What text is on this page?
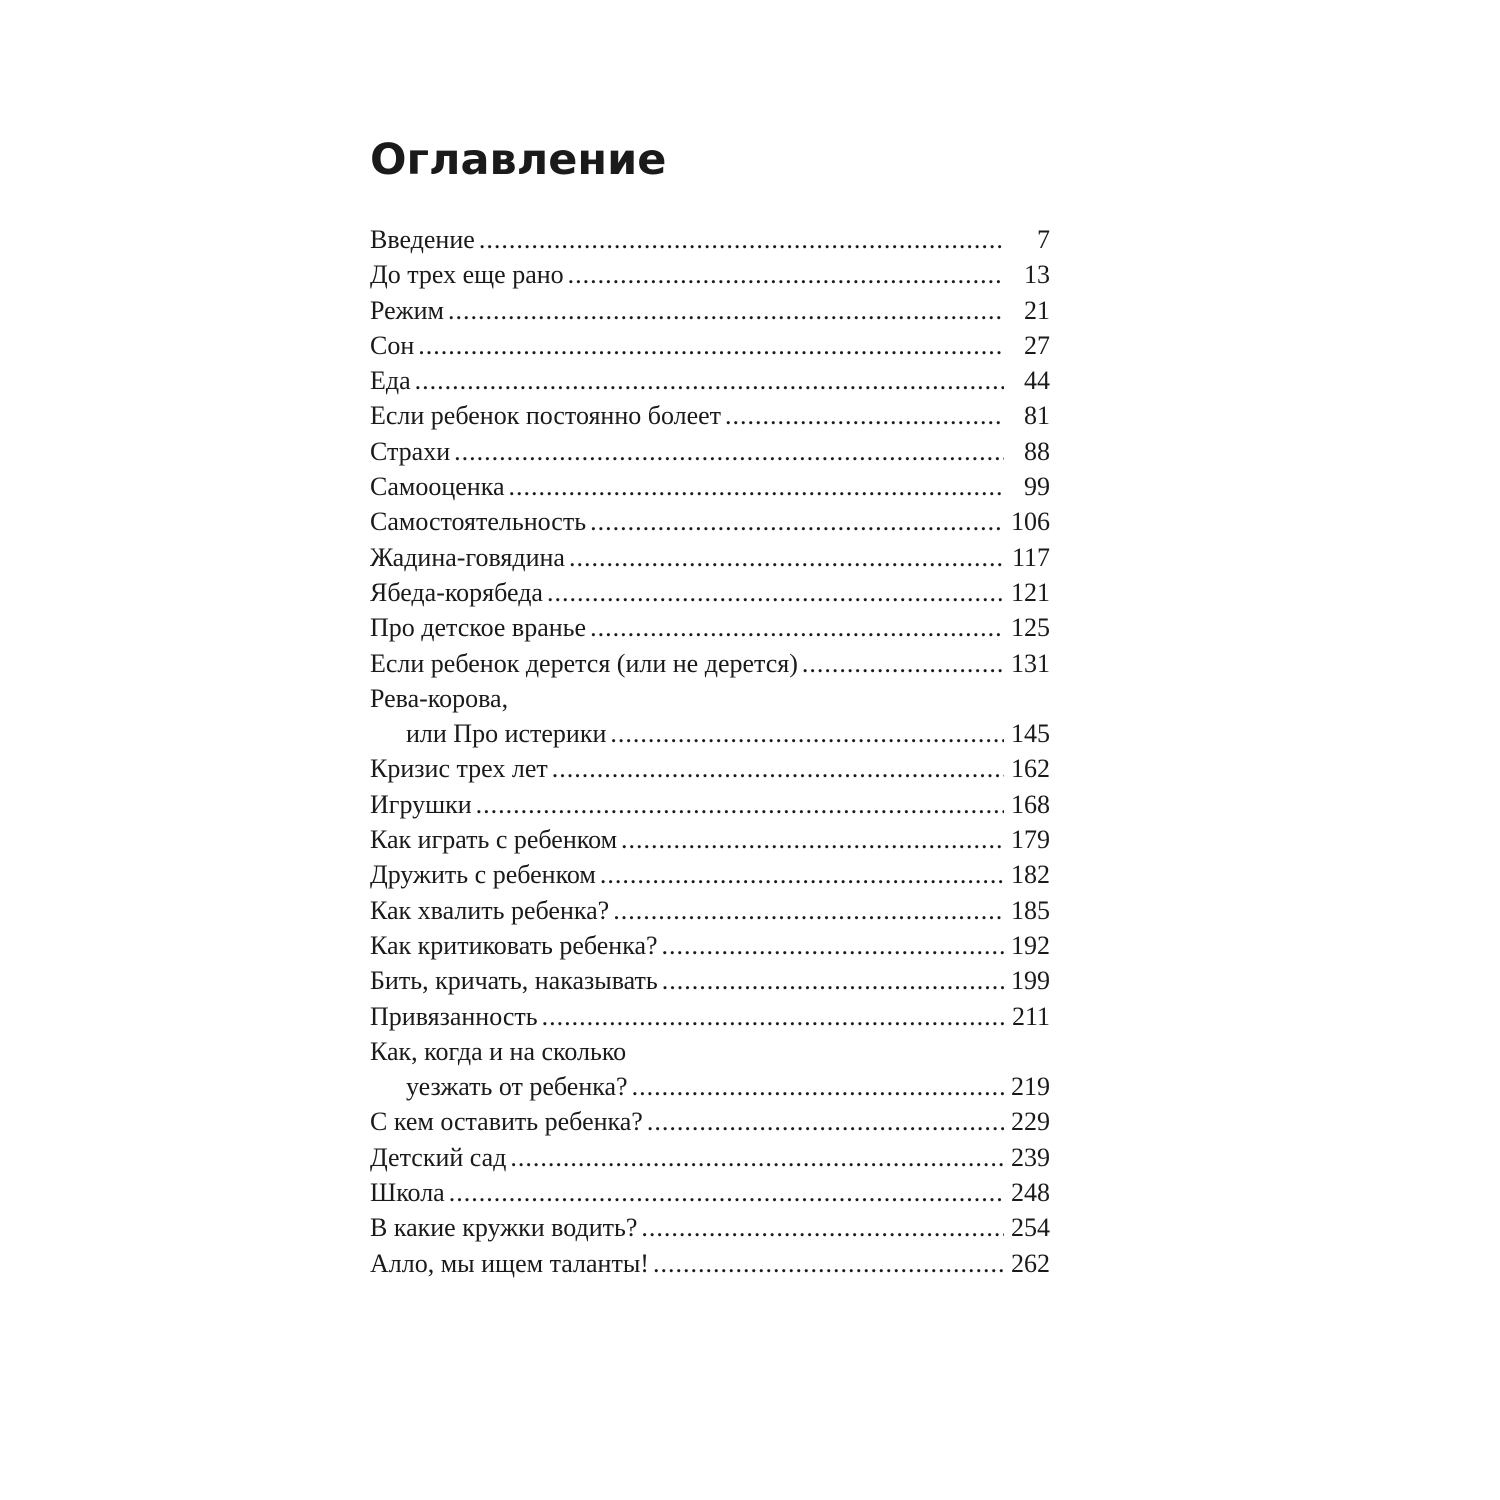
Оглавление
Введение .....	7
До трех еще рано .....	13
Режим .....	21
Сон .....	27
Еда .....	44
Если ребенок постоянно болеет .....	81
Страхи .....	88
Самооценка .....	99
Самостоятельность .....	106
Жадина-говядина .....	117
Ябеда-корябеда .....	121
Про детское вранье .....	125
Если ребенок дерется (или не дерется) .....	131
Рева-корова,
или Про истерики .....	145
Кризис трех лет .....	162
Игрушки .....	168
Как играть с ребенком .....	179
Дружить с ребенком .....	182
Как хвалить ребенка? .....	185
Как критиковать ребенка? .....	192
Бить, кричать, наказывать .....	199
Привязанность .....	211
Как, когда и на сколько
уезжать от ребенка? .....	219
С кем оставить ребенка? .....	229
Детский сад .....	239
Школа .....	248
В какие кружки водить? .....	254
Алло, мы ищем таланты! .....	262
